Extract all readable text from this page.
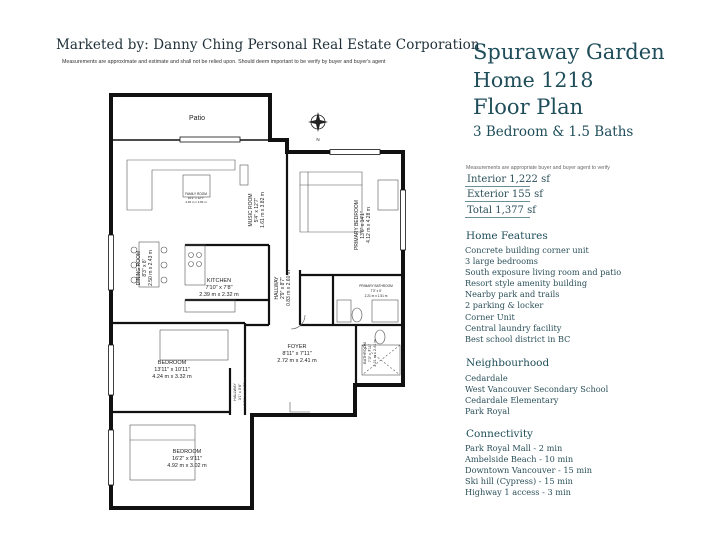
Marketed by: Danny Ching Personal Real Estate Corporation
Measurements are approximate and estimate and shall not be relied upon. Should deem important to be verify by buyer and buyer's agent	Spuraway Garden
Home 1218
Floor Plan
3 Bedroom & 1.5 Baths
Measurements are appropriate buyer and buyer agent to verify
Interior 1,222 sf
Exterior 155 sf
Total 1,377 sf
Home Features
Concrete building corner unit
3 large bedrooms
South exposure living room and patio
Resort style amenity building
Nearby park and trails
2 parking & locker
Corner Unit
Central laundry facility
Best school district in BC
Neighbourhood
Cedardale
West Vancouver Secondary School
Cedardale Elementary
Park Royal
Connectivity
Park Royal Mall - 2 min
Ambelside Beach - 10 min
Downtown Vancouver - 15 min
Ski hill (Cypress) - 15 min
Highway 1 access - 3 min
N
Patio
FAMILY ROOM
16'2" x 12'7"
4.93 m x 3.84 m	MUSIC ROOM 5'4" x 12'7" 1.61 m x 3.82 m
DINING ROOM 8'3" x 8' 2.50 m x 2.43 m	KITCHEN
7'10" x 7'8"
2.39 m x 2.32 m	HALLWAY 2'9" x 8'7" 0.83 m x 2.60 m
PRIMARY BEDROOM 13'6" x 14'1" 4.12 m x 4.28 m
PRIMARY BATHROOM
7'3" x 5'
2.21 m x 1.51 m
BATHROOM 7'3" x 7'11" 2.21 m x 2.41 m
FOYER
8'11" x 7'11"
2.72 m x 2.41 m
BEDROOM
13'11" x 10'11"
4.24 m x 3.32 m
HALLWAY 3'1" x 5'8" 0.94 m x 1.72 m
BEDROOM
16'2" x 9'11"
4.92 m x 3.02 m
